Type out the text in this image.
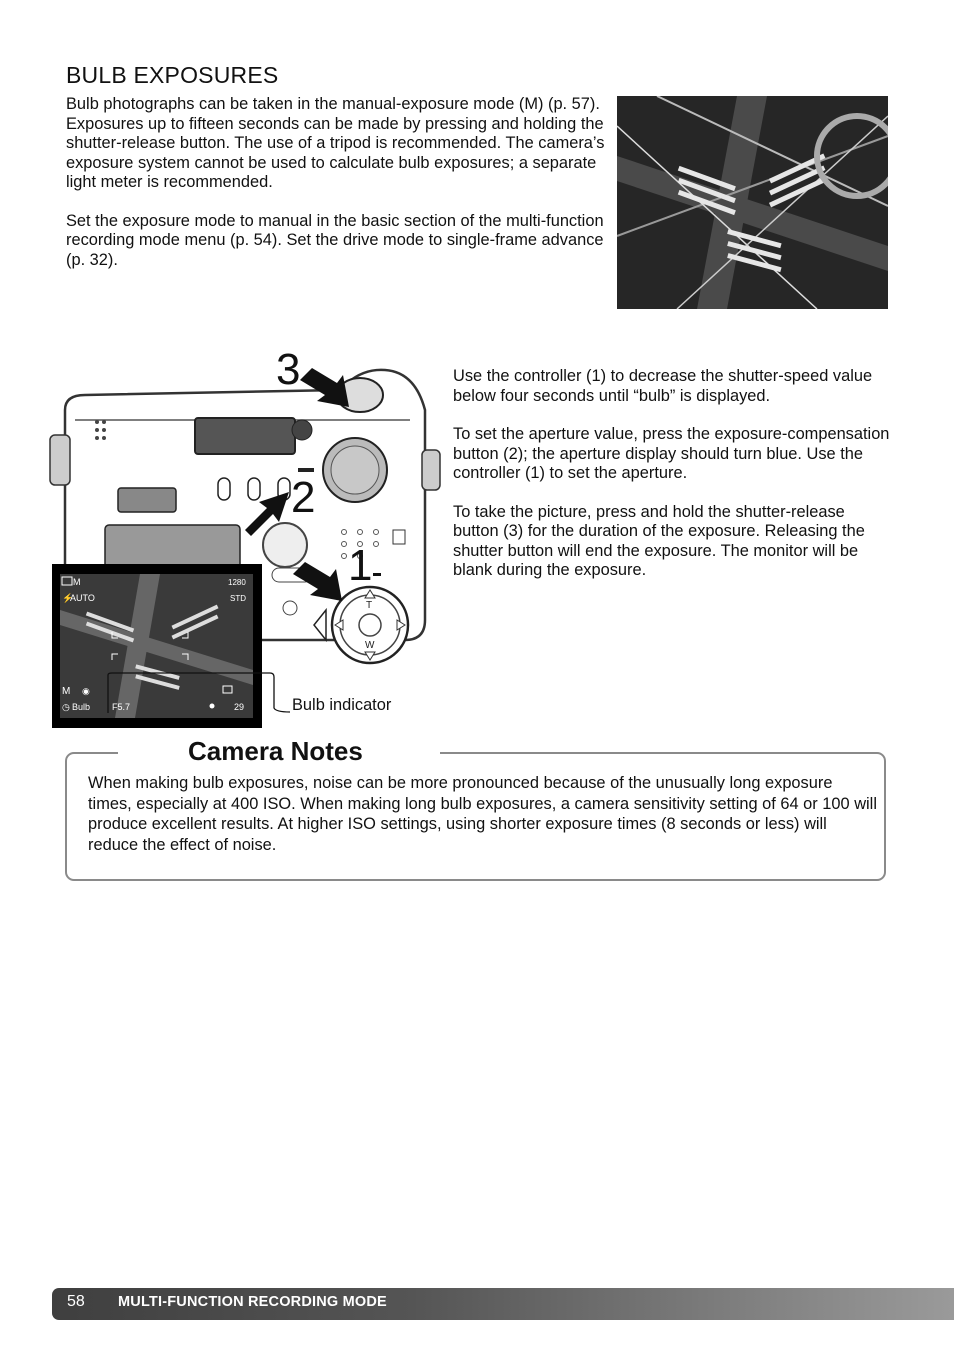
BULB EXPOSURES

Bulb photographs can be taken in the manual-exposure mode (M) (p. 57). Exposures up to fifteen seconds can be made by pressing and holding the shutter-release button. The use of a tripod is recommended. The camera’s exposure system cannot be used to calculate bulb exposures; a separate light meter is recommended.

Set the exposure mode to manual in the basic section of the multi-function recording mode menu (p. 54). Set the drive mode to single-frame advance (p. 32).

T
W
3
2
1
M
⚡
AUTO
1280
STD
M ◉
◷ Bulb F5.7	29	Bulb indicator

Use the controller (1) to decrease the shutter-speed value below four seconds until “bulb” is displayed.

To set the aperture value, press the exposure-compensation button (2); the aperture display should turn blue. Use the controller (1) to set the aperture.

To take the picture, press and hold the shutter-release button (3) for the duration of the exposure. Releasing the shutter button will end the exposure. The monitor will be blank during the exposure.

Camera Notes
When making bulb exposures, noise can be more pronounced because of the unusually long exposure times, especially at 400 ISO. When making long bulb exposures, a camera sensitivity setting of 64 or 100 will produce excellent results. At higher ISO settings, using shorter exposure times (8 seconds or less) will reduce the effect of noise.
58 MULTI-FUNCTION RECORDING MODE
